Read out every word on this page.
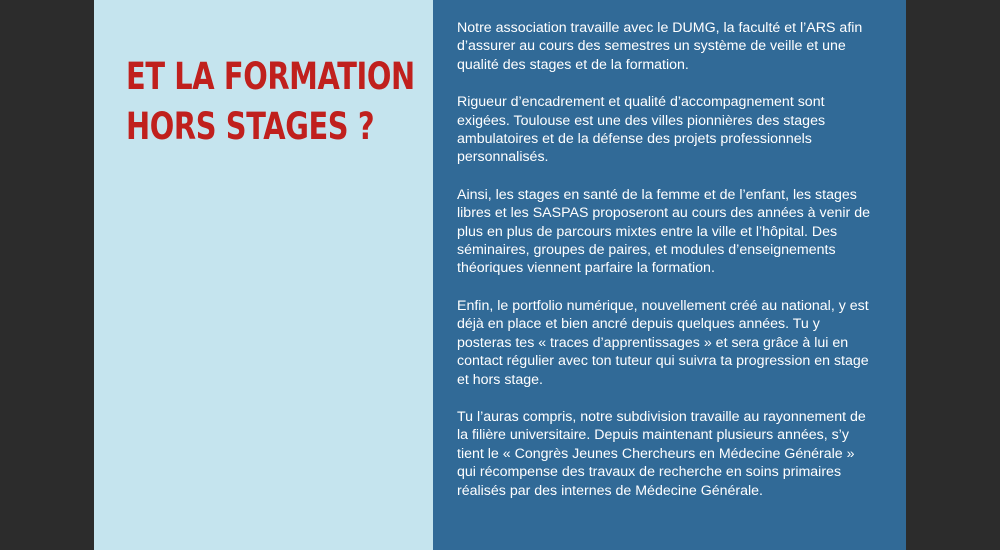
ET LA FORMATION
HORS STAGES ?

Notre association travaille avec le DUMG, la faculté et l’ARS afin d’assurer au cours des semestres un système de veille et une qualité des stages et de la formation.

Rigueur d’encadrement et qualité d’accompagnement sont exigées. Toulouse est une des villes pionnières des stages ambulatoires et de la défense des projets professionnels personnalisés.

Ainsi, les stages en santé de la femme et de l’enfant, les stages libres et les SASPAS proposeront au cours des années à venir de plus en plus de parcours mixtes entre la ville et l’hôpital. Des séminaires, groupes de paires, et modules d’enseignements théoriques viennent parfaire la formation.

Enfin, le portfolio numérique, nouvellement créé au national, y est déjà en place et bien ancré depuis quelques années. Tu y posteras tes « traces d’apprentissages » et sera grâce à lui en contact régulier avec ton tuteur qui suivra ta progression en stage et hors stage.

Tu l’auras compris, notre subdivision travaille au rayonnement de la filière universitaire. Depuis maintenant plusieurs années, s’y tient le « Congrès Jeunes Chercheurs en Médecine Générale » qui récompense des travaux de recherche en soins primaires réalisés par des internes de Médecine Générale.
